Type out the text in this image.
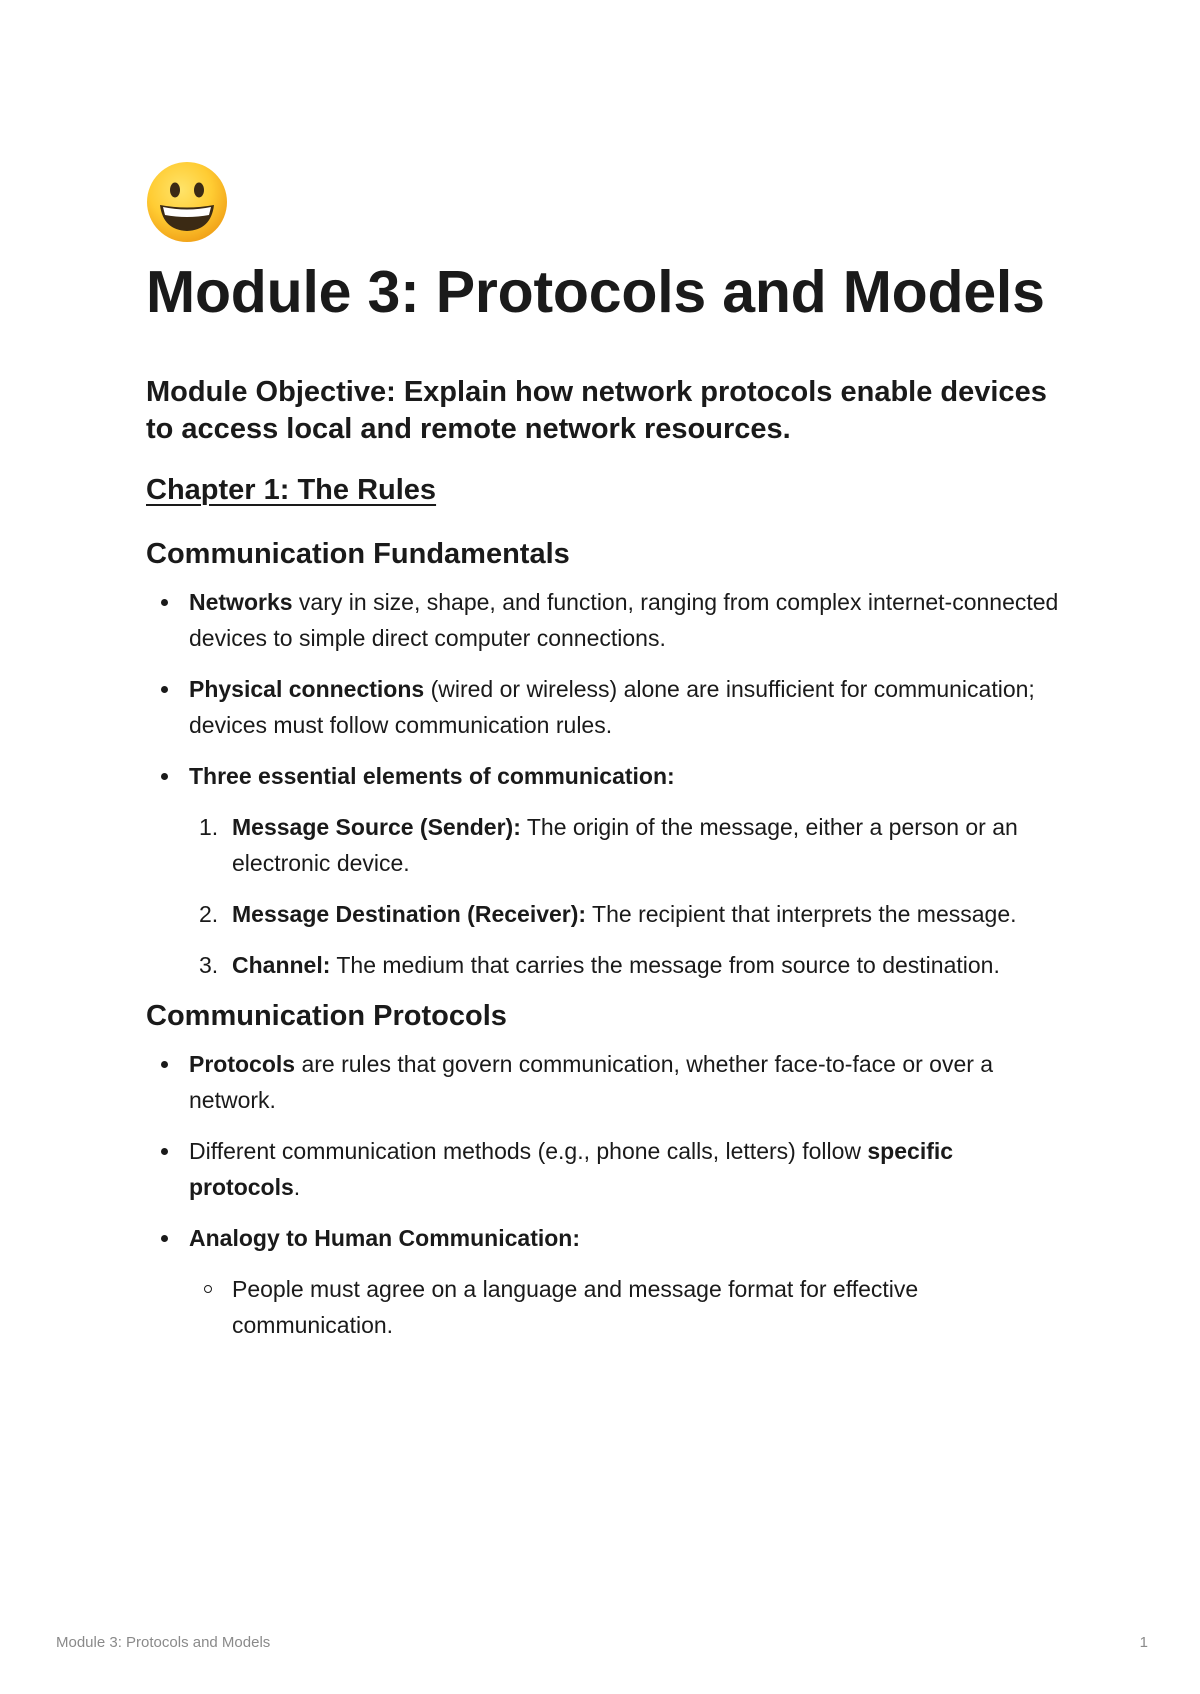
Module 3: Protocols and Models

Module Objective: Explain how network protocols enable devices to access local and remote network resources.

Chapter 1: The Rules
Communication Fundamentals
Networks vary in size, shape, and function, ranging from complex internet-connected devices to simple direct computer connections.
Physical connections (wired or wireless) alone are insufficient for communication; devices must follow communication rules.
Three essential elements of communication:
1. Message Source (Sender): The origin of the message, either a person or an electronic device.
2. Message Destination (Receiver): The recipient that interprets the message.
3. Channel: The medium that carries the message from source to destination.
Communication Protocols
Protocols are rules that govern communication, whether face-to-face or over a network.
Different communication methods (e.g., phone calls, letters) follow specific protocols.
Analogy to Human Communication:
People must agree on a language and message format for effective communication.
Module 3: Protocols and Models	1
